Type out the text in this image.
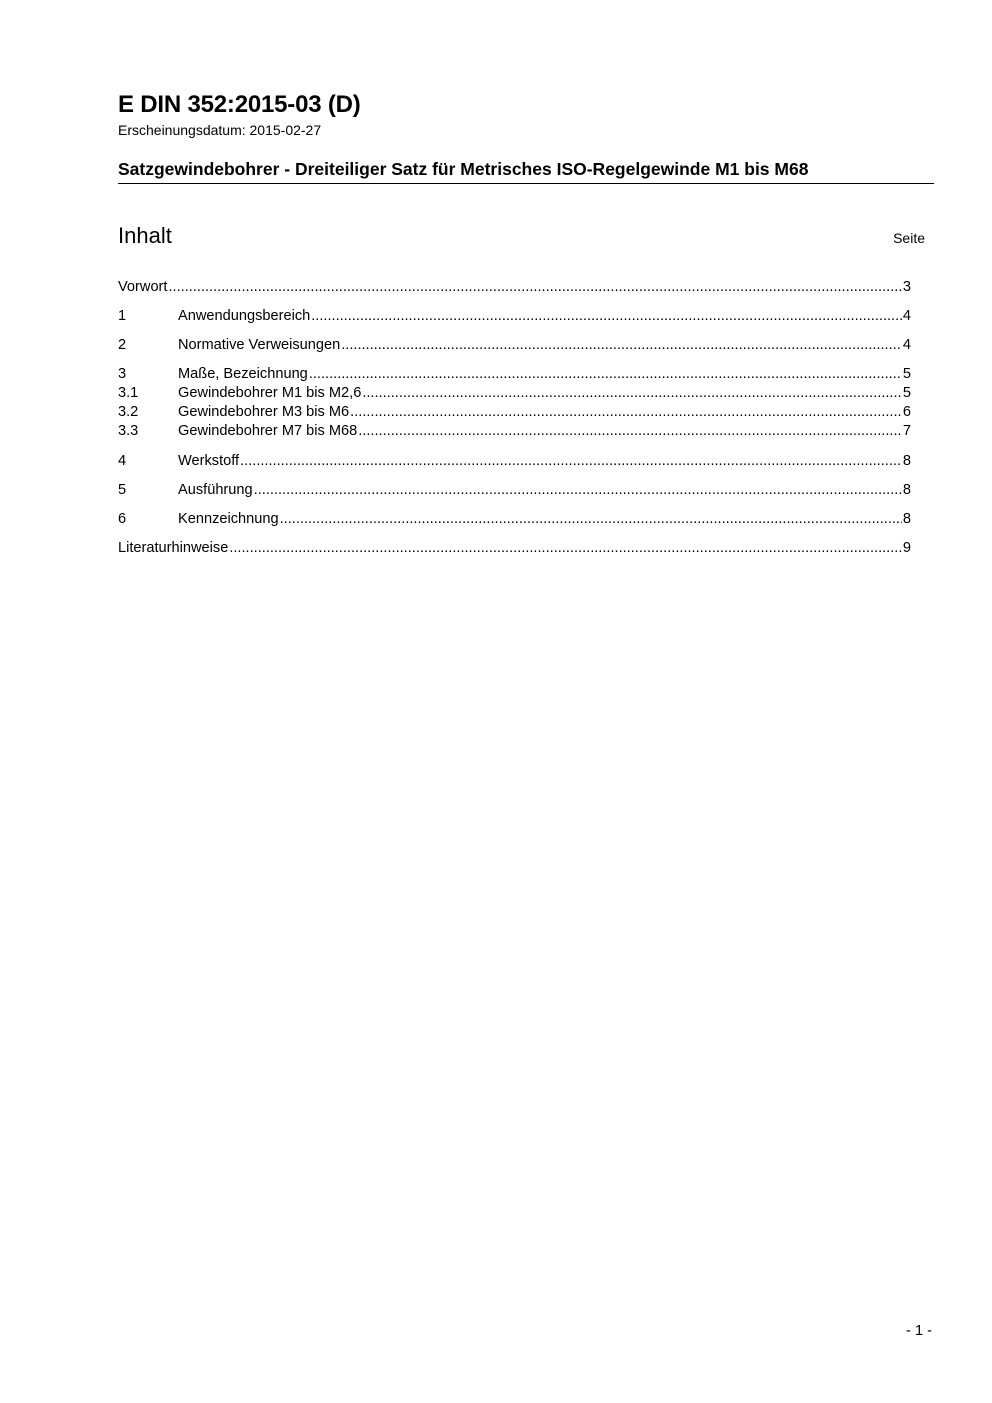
E DIN 352:2015-03 (D)
Erscheinungsdatum: 2015-02-27
Satzgewindebohrer - Dreiteiliger Satz für Metrisches ISO-Regelgewinde M1 bis M68
Inhalt	Seite
Vorwort .....	3
1	Anwendungsbereich .....	4
2	Normative Verweisungen .....	4
3	Maße, Bezeichnung .....	5
3.1	Gewindebohrer M1 bis M2,6 .....	5
3.2	Gewindebohrer M3 bis M6 .....	6
3.3	Gewindebohrer M7 bis M68 .....	7
4	Werkstoff .....	8
5	Ausführung .....	8
6	Kennzeichnung .....	8
Literaturhinweise .....	9
- 1 -
